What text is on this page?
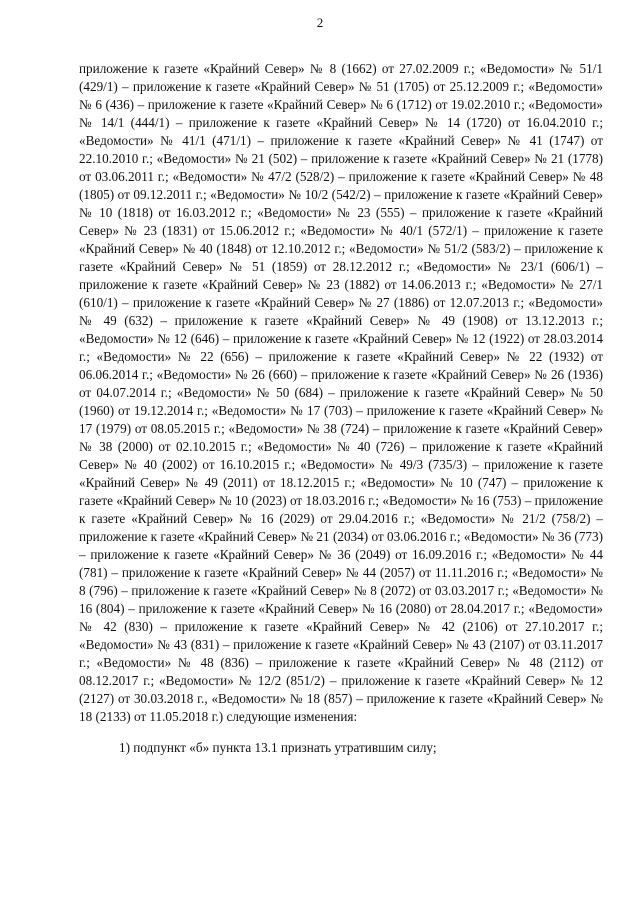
2

приложение к газете «Крайний Север» № 8 (1662) от 27.02.2009 г.; «Ведомости» № 51/1 (429/1) – приложение к газете «Крайний Север» № 51 (1705) от 25.12.2009 г.; «Ведомости» № 6 (436) – приложение к газете «Крайний Север» № 6 (1712) от 19.02.2010 г.; «Ведомости» № 14/1 (444/1) – приложение к газете «Крайний Север» № 14 (1720) от 16.04.2010 г.; «Ведомости» № 41/1 (471/1) – приложение к газете «Крайний Север» № 41 (1747) от 22.10.2010 г.; «Ведомости» № 21 (502) – приложение к газете «Крайний Север» № 21 (1778) от 03.06.2011 г.; «Ведомости» № 47/2 (528/2) – приложение к газете «Крайний Север» № 48 (1805) от 09.12.2011 г.; «Ведомости» № 10/2 (542/2) – приложение к газете «Крайний Север» № 10 (1818) от 16.03.2012 г.; «Ведомости» № 23 (555) – приложение к газете «Крайний Север» № 23 (1831) от 15.06.2012 г.; «Ведомости» № 40/1 (572/1) – приложение к газете «Крайний Север» № 40 (1848) от 12.10.2012 г.; «Ведомости» № 51/2 (583/2) – приложение к газете «Крайний Север» № 51 (1859) от 28.12.2012 г.; «Ведомости» № 23/1 (606/1) – приложение к газете «Крайний Север» № 23 (1882) от 14.06.2013 г.; «Ведомости» № 27/1 (610/1) – приложение к газете «Крайний Север» № 27 (1886) от 12.07.2013 г.; «Ведомости» № 49 (632) – приложение к газете «Крайний Север» № 49 (1908) от 13.12.2013 г.; «Ведомости» № 12 (646) – приложение к газете «Крайний Север» № 12 (1922) от 28.03.2014 г.; «Ведомости» № 22 (656) – приложение к газете «Крайний Север» № 22 (1932) от 06.06.2014 г.; «Ведомости» № 26 (660) – приложение к газете «Крайний Север» № 26 (1936) от 04.07.2014 г.; «Ведомости» № 50 (684) – приложение к газете «Крайний Север» № 50 (1960) от 19.12.2014 г.; «Ведомости» № 17 (703) – приложение к газете «Крайний Север» № 17 (1979) от 08.05.2015 г.; «Ведомости» № 38 (724) – приложение к газете «Крайний Север» № 38 (2000) от 02.10.2015 г.; «Ведомости» № 40 (726) – приложение к газете «Крайний Север» № 40 (2002) от 16.10.2015 г.; «Ведомости» № 49/3 (735/3) – приложение к газете «Крайний Север» № 49 (2011) от 18.12.2015 г.; «Ведомости» № 10 (747) – приложение к газете «Крайний Север» № 10 (2023) от 18.03.2016 г.; «Ведомости» № 16 (753) – приложение к газете «Крайний Север» № 16 (2029) от 29.04.2016 г.; «Ведомости» № 21/2 (758/2) – приложение к газете «Крайний Север» № 21 (2034) от 03.06.2016 г.; «Ведомости» № 36 (773) – приложение к газете «Крайний Север» № 36 (2049) от 16.09.2016 г.; «Ведомости» № 44 (781) – приложение к газете «Крайний Север» № 44 (2057) от 11.11.2016 г.; «Ведомости» № 8 (796) – приложение к газете «Крайний Север» № 8 (2072) от 03.03.2017 г.; «Ведомости» № 16 (804) – приложение к газете «Крайний Север» № 16 (2080) от 28.04.2017 г.; «Ведомости» № 42 (830) – приложение к газете «Крайний Север» № 42 (2106) от 27.10.2017 г.; «Ведомости» № 43 (831) – приложение к газете «Крайний Север» № 43 (2107) от 03.11.2017 г.; «Ведомости» № 48 (836) – приложение к газете «Крайний Север» № 48 (2112) от 08.12.2017 г.; «Ведомости» № 12/2 (851/2) – приложение к газете «Крайний Север» № 12 (2127) от 30.03.2018 г., «Ведомости» № 18 (857) – приложение к газете «Крайний Север» № 18 (2133) от 11.05.2018 г.) следующие изменения:

1) подпункт «б» пункта 13.1 признать утратившим силу;
